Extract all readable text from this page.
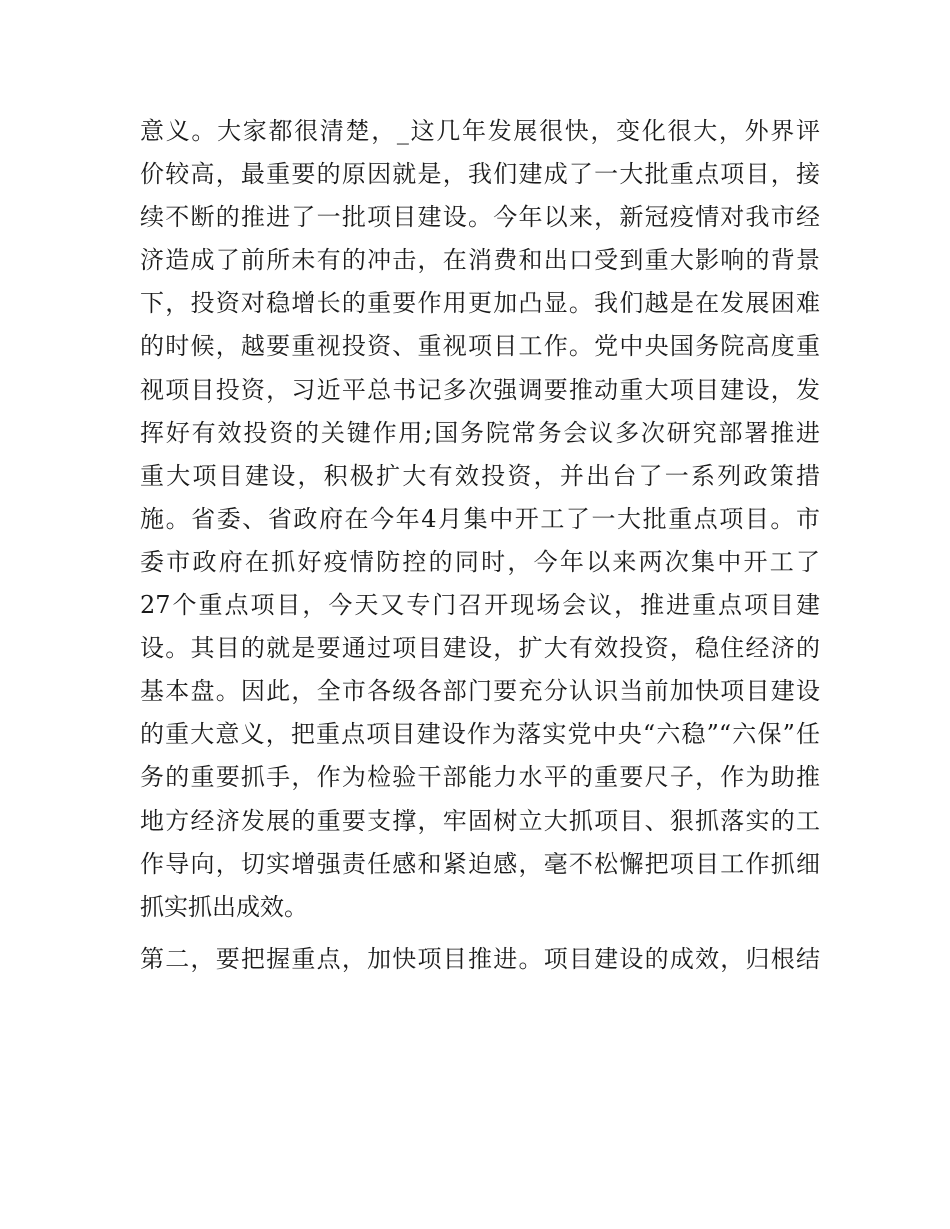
意义。大家都很清楚，_这几年发展很快，变化很大，外界评
价较高，最重要的原因就是，我们建成了一大批重点项目，接
续不断的推进了一批项目建设。今年以来，新冠疫情对我市经
济造成了前所未有的冲击，在消费和出口受到重大影响的背景
下，投资对稳增长的重要作用更加凸显。我们越是在发展困难
的时候，越要重视投资、重视项目工作。党中央国务院高度重
视项目投资，习近平总书记多次强调要推动重大项目建设，发
挥好有效投资的关键作用;国务院常务会议多次研究部署推进
重大项目建设，积极扩大有效投资，并出台了一系列政策措
施。省委、省政府在今年4月集中开工了一大批重点项目。市
委市政府在抓好疫情防控的同时，今年以来两次集中开工了
27个重点项目，今天又专门召开现场会议，推进重点项目建
设。其目的就是要通过项目建设，扩大有效投资，稳住经济的
基本盘。因此，全市各级各部门要充分认识当前加快项目建设
的重大意义，把重点项目建设作为落实党中央“六稳”“六保”任
务的重要抓手，作为检验干部能力水平的重要尺子，作为助推
地方经济发展的重要支撑，牢固树立大抓项目、狠抓落实的工
作导向，切实增强责任感和紧迫感，毫不松懈把项目工作抓细
抓实抓出成效。
第二，要把握重点，加快项目推进。项目建设的成效，归根结
